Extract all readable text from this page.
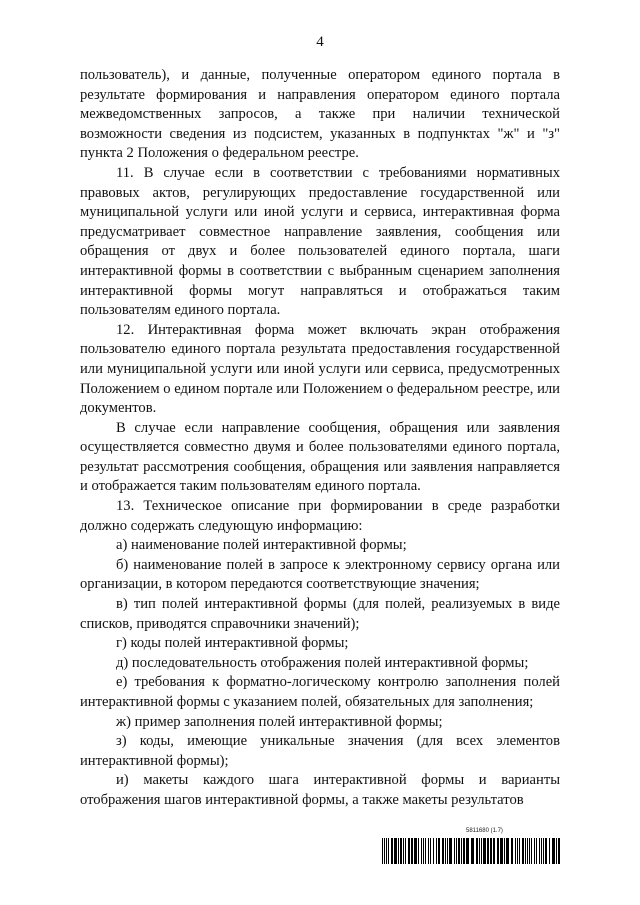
4

пользователь), и данные, полученные оператором единого портала в результате формирования и направления оператором единого портала межведомственных запросов, а также при наличии технической возможности сведения из подсистем, указанных в подпунктах "ж" и "з" пункта 2 Положения о федеральном реестре.

11. В случае если в соответствии с требованиями нормативных правовых актов, регулирующих предоставление государственной или муниципальной услуги или иной услуги и сервиса, интерактивная форма предусматривает совместное направление заявления, сообщения или обращения от двух и более пользователей единого портала, шаги интерактивной формы в соответствии с выбранным сценарием заполнения интерактивной формы могут направляться и отображаться таким пользователям единого портала.

12. Интерактивная форма может включать экран отображения пользователю единого портала результата предоставления государственной или муниципальной услуги или иной услуги или сервиса, предусмотренных Положением о едином портале или Положением о федеральном реестре, или документов.

В случае если направление сообщения, обращения или заявления осуществляется совместно двумя и более пользователями единого портала, результат рассмотрения сообщения, обращения или заявления направляется и отображается таким пользователям единого портала.

13. Техническое описание при формировании в среде разработки должно содержать следующую информацию:

а) наименование полей интерактивной формы;

б) наименование полей в запросе к электронному сервису органа или организации, в котором передаются соответствующие значения;

в) тип полей интерактивной формы (для полей, реализуемых в виде списков, приводятся справочники значений);

г) коды полей интерактивной формы;

д) последовательность отображения полей интерактивной формы;

е) требования к форматно-логическому контролю заполнения полей интерактивной формы с указанием полей, обязательных для заполнения;

ж) пример заполнения полей интерактивной формы;

з) коды, имеющие уникальные значения (для всех элементов интерактивной формы);

и) макеты каждого шага интерактивной формы и варианты отображения шагов интерактивной формы, а также макеты результатов

5811680 (1.7)
